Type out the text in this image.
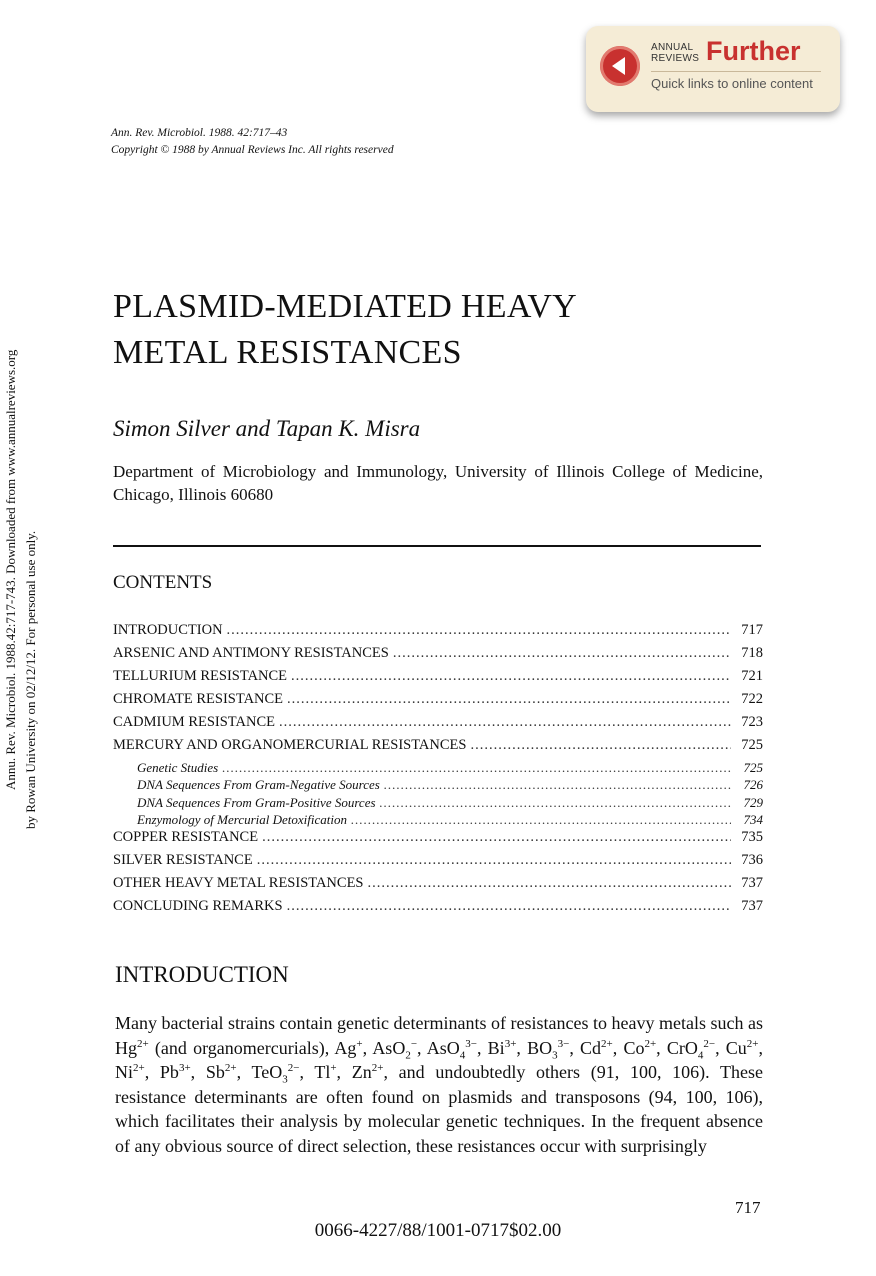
ANNUAL
REVIEWS Further
Quick links to online content
Annu. Rev. Microbiol. 1988.42:717-743. Downloaded from www.annualreviews.org by Rowan University on 02/12/12. For personal use only.
Ann. Rev. Microbiol. 1988. 42:717–43
Copyright © 1988 by Annual Reviews Inc. All rights reserved
PLASMID-MEDIATED HEAVY
METAL RESISTANCES
Simon Silver and Tapan K. Misra
Department of Microbiology and Immunology, University of Illinois College of Medicine, Chicago, Illinois 60680
CONTENTS
INTRODUCTION .....	717
ARSENIC AND ANTIMONY RESISTANCES .....	718
TELLURIUM RESISTANCE .....	721
CHROMATE RESISTANCE .....	722
CADMIUM RESISTANCE .....	723
MERCURY AND ORGANOMERCURIAL RESISTANCES .....	725
Genetic Studies .....	725
DNA Sequences From Gram-Negative Sources .....	726
DNA Sequences From Gram-Positive Sources .....	729
Enzymology of Mercurial Detoxification .....	734
COPPER RESISTANCE .....	735
SILVER RESISTANCE .....	736
OTHER HEAVY METAL RESISTANCES .....	737
CONCLUDING REMARKS .....	737
INTRODUCTION
Many bacterial strains contain genetic determinants of resistances to heavy metals such as $Hg^{2+}$ (and organomercurials), Ag+, AsO$_2$−, AsO$_4^{3-}$, $Bi^{3+}$, $BO_3^{3-}$, $Cd^{2+}$, $Co^{2+}$, CrO$_4^{2-}$, $Cu^{2+}$, $Ni^{2+}$, $Pb^{3+}$, $Sb^{2+}$, TeO$_3^{2-}$, Tl+, $Zn^{2+}$, and undoubtedly others (91, 100, 106). These resistance determinants are often found on plasmids and transposons (94, 100, 106), which facilitates their analysis by molecular genetic techniques. In the frequent absence of any obvious source of direct selection, these resistances occur with surprisingly
717
0066-4227/88/1001-0717$02.00
